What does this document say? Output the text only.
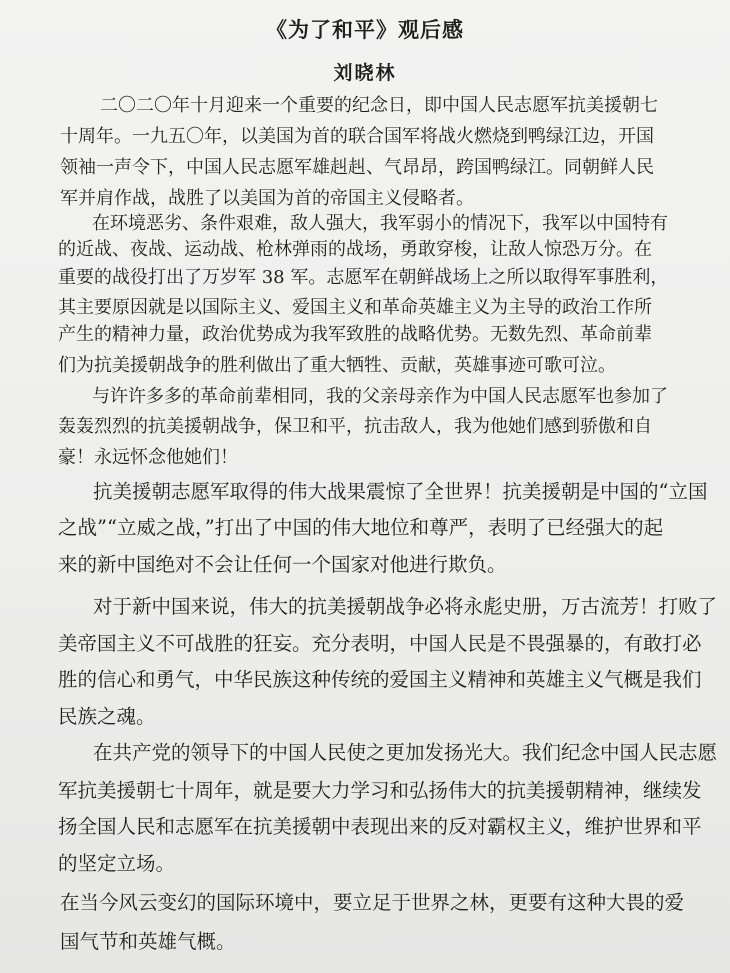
《为了和平》观后感
刘晓林
二〇二〇年十月迎来一个重要的纪念日，即中国人民志愿军抗美援朝七
十周年。一九五〇年，以美国为首的联合国军将战火燃烧到鸭绿江边，开国
领袖一声令下，中国人民志愿军雄赳赳、气昂昂，跨国鸭绿江。同朝鲜人民
军并肩作战，战胜了以美国为首的帝国主义侵略者。
在环境恶劣、条件艰难，敌人强大，我军弱小的情况下，我军以中国特有
的近战、夜战、运动战、枪林弹雨的战场，勇敢穿梭，让敌人惊恐万分。在
重要的战役打出了万岁军 38 军。志愿军在朝鲜战场上之所以取得军事胜利，
其主要原因就是以国际主义、爱国主义和革命英雄主义为主导的政治工作所
产生的精神力量，政治优势成为我军致胜的战略优势。无数先烈、革命前辈
们为抗美援朝战争的胜利做出了重大牺牲、贡献，英雄事迹可歌可泣。
与许许多多的革命前辈相同，我的父亲母亲作为中国人民志愿军也参加了
轰轰烈烈的抗美援朝战争，保卫和平，抗击敌人，我为他她们感到骄傲和自
豪！永远怀念他她们！
抗美援朝志愿军取得的伟大战果震惊了全世界！抗美援朝是中国的“立国
之战”“立威之战，”打出了中国的伟大地位和尊严，表明了已经强大的起
来的新中国绝对不会让任何一个国家对他进行欺负。
对于新中国来说，伟大的抗美援朝战争必将永彪史册，万古流芳！打败了
美帝国主义不可战胜的狂妄。充分表明，中国人民是不畏强暴的，有敢打必
胜的信心和勇气，中华民族这种传统的爱国主义精神和英雄主义气概是我们
民族之魂。
在共产党的领导下的中国人民使之更加发扬光大。我们纪念中国人民志愿
军抗美援朝七十周年，就是要大力学习和弘扬伟大的抗美援朝精神，继续发
扬全国人民和志愿军在抗美援朝中表现出来的反对霸权主义，维护世界和平
的坚定立场。
在当今风云变幻的国际环境中，要立足于世界之林，更要有这种大畏的爱
国气节和英雄气概。
